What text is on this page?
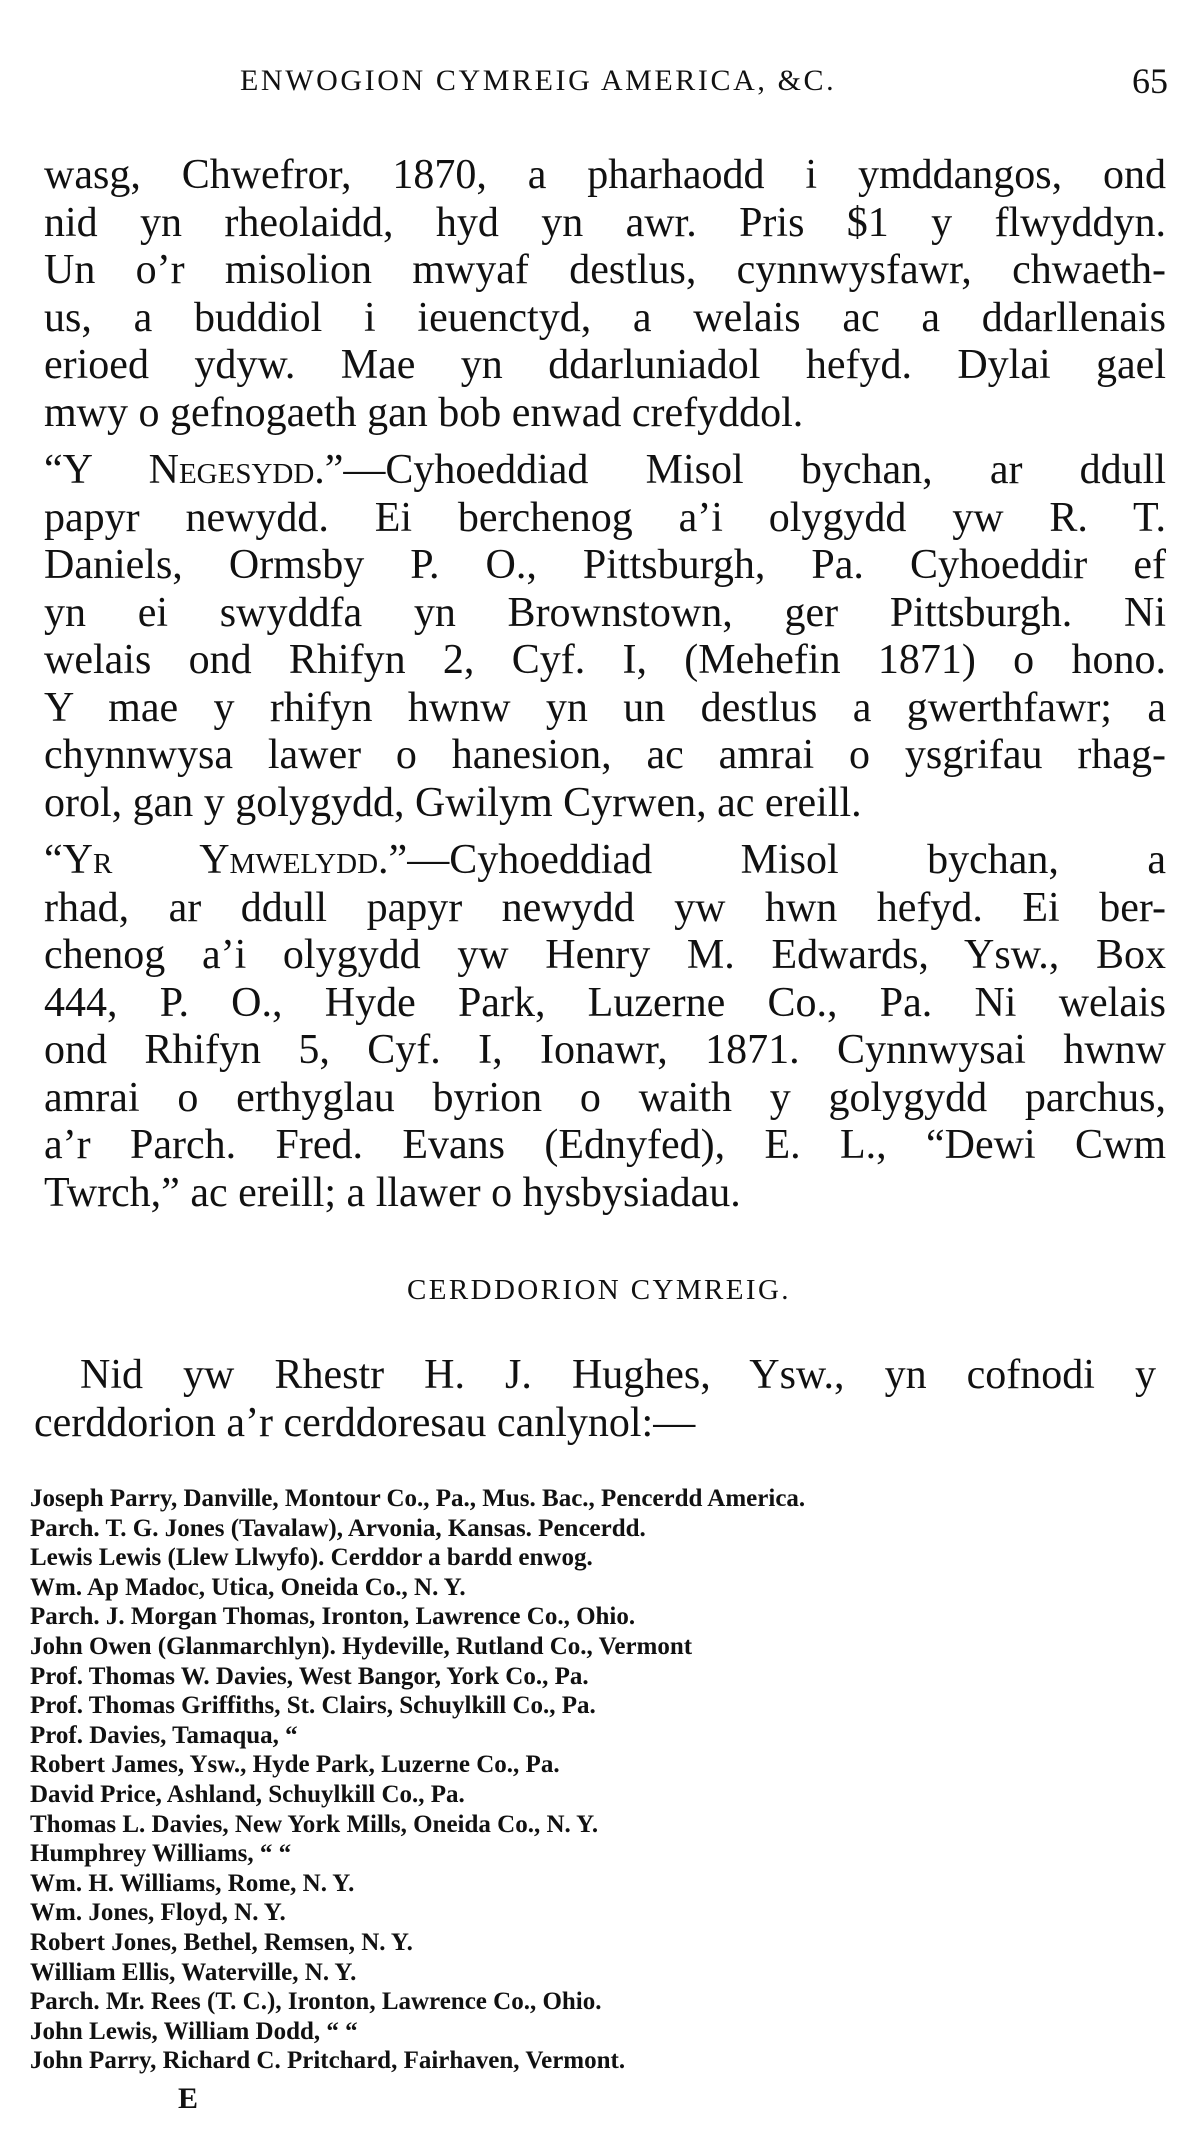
ENWOGION CYMREIG AMERICA, &C.	65
wasg, Chwefror, 1870, a pharhaodd i ymddangos, ond
nid yn rheolaidd, hyd yn awr. Pris $1 y flwyddyn.
Un o’r misolion mwyaf destlus, cynnwysfawr, chwaeth-
us, a buddiol i ieuenctyd, a welais ac a ddarllenais
erioed ydyw. Mae yn ddarluniadol hefyd. Dylai gael
mwy o gefnogaeth gan bob enwad crefyddol.
“Y Negesydd.”—Cyhoeddiad Misol bychan, ar ddull
papyr newydd. Ei berchenog a’i olygydd yw R. T.
Daniels, Ormsby P. O., Pittsburgh, Pa. Cyhoeddir ef
yn ei swyddfa yn Brownstown, ger Pittsburgh. Ni
welais ond Rhifyn 2, Cyf. I, (Mehefin 1871) o hono.
Y mae y rhifyn hwnw yn un destlus a gwerthfawr; a
chynnwysa lawer o hanesion, ac amrai o ysgrifau rhag-
orol, gan y golygydd, Gwilym Cyrwen, ac ereill.
“Yr Ymwelydd.”—Cyhoeddiad Misol bychan, a
rhad, ar ddull papyr newydd yw hwn hefyd. Ei ber-
chenog a’i olygydd yw Henry M. Edwards, Ysw., Box
444, P. O., Hyde Park, Luzerne Co., Pa. Ni welais
ond Rhifyn 5, Cyf. I, Ionawr, 1871. Cynnwysai hwnw
amrai o erthyglau byrion o waith y golygydd parchus,
a’r Parch. Fred. Evans (Ednyfed), E. L., “Dewi Cwm
Twrch,” ac ereill; a llawer o hysbysiadau.
CERDDORION CYMREIG.
Nid yw Rhestr H. J. Hughes, Ysw., yn cofnodi y
cerddorion a’r cerddoresau canlynol:—
Joseph Parry, Danville, Montour Co., Pa., Mus. Bac., Pencerdd America.
Parch. T. G. Jones (Tavalaw), Arvonia, Kansas. Pencerdd.
Lewis Lewis (Llew Llwyfo). Cerddor a bardd enwog.
Wm. Ap Madoc, Utica, Oneida Co., N. Y.
Parch. J. Morgan Thomas, Ironton, Lawrence Co., Ohio.
John Owen (Glanmarchlyn). Hydeville, Rutland Co., Vermont
Prof. Thomas W. Davies, West Bangor, York Co., Pa.
Prof. Thomas Griffiths, St. Clairs, Schuylkill Co., Pa.
Prof. Davies, Tamaqua, “
Robert James, Ysw., Hyde Park, Luzerne Co., Pa.
David Price, Ashland, Schuylkill Co., Pa.
Thomas L. Davies, New York Mills, Oneida Co., N. Y.
Humphrey Williams, “ “
Wm. H. Williams, Rome, N. Y.
Wm. Jones, Floyd, N. Y.
Robert Jones, Bethel, Remsen, N. Y.
William Ellis, Waterville, N. Y.
Parch. Mr. Rees (T. C.), Ironton, Lawrence Co., Ohio.
John Lewis, William Dodd, “ “
John Parry, Richard C. Pritchard, Fairhaven, Vermont.
E
